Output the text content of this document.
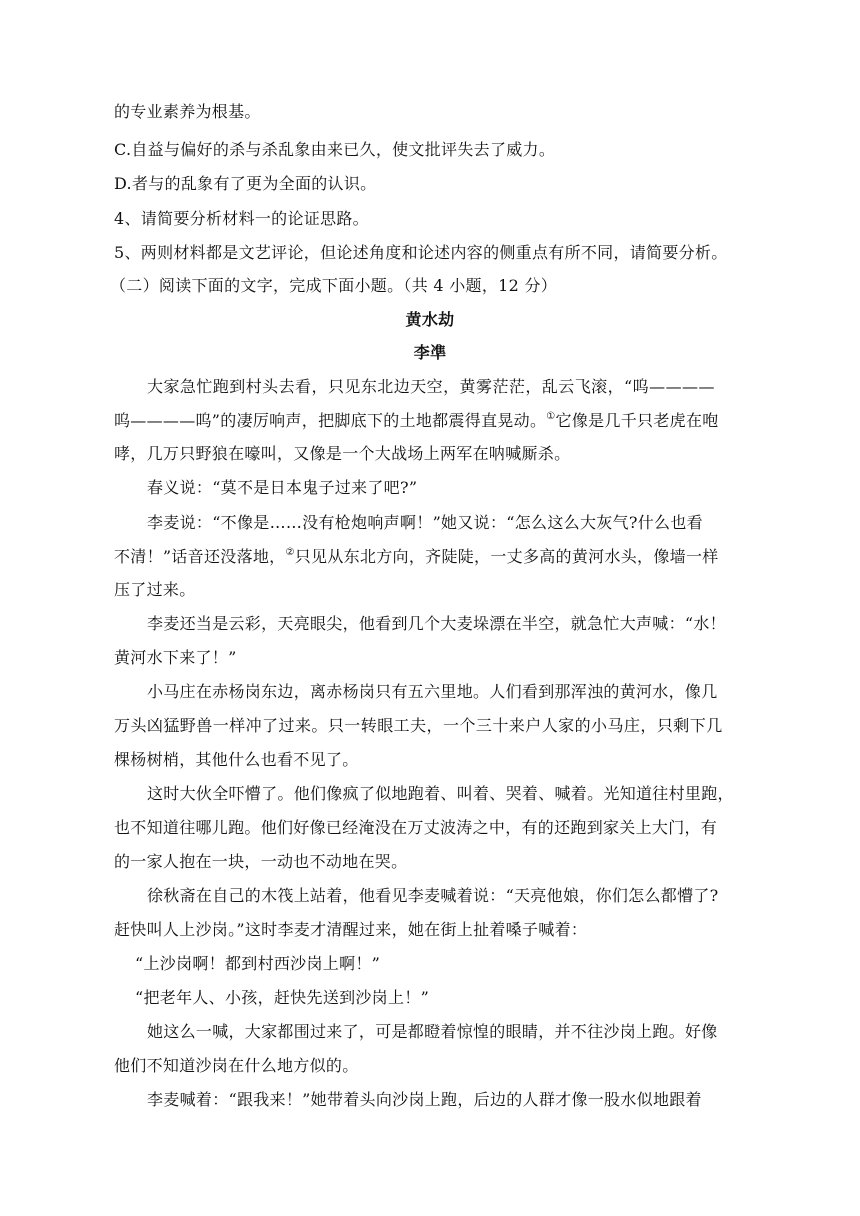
的专业素养为根基。
C.自益与偏好的杀与杀乱象由来已久，使文批评失去了威力。
D.者与的乱象有了更为全面的认识。
4、请简要分析材料一的论证思路。
5、两则材料都是文艺评论，但论述角度和论述内容的侧重点有所不同，请简要分析。
（二）阅读下面的文字，完成下面小题。（共 4 小题，12 分）
黄水劫
李凖
大家急忙跑到村头去看，只见东北边天空，黄雾茫茫，乱云飞滚，“呜————
呜————呜”的凄厉响声，把脚底下的土地都震得直晃动。①它像是几千只老虎在咆
哮，几万只野狼在嚎叫，又像是一个大战场上两军在呐喊厮杀。
春义说：“莫不是日本鬼子过来了吧?”
李麦说：“不像是……没有枪炮响声啊！”她又说：“怎么这么大灰气?什么也看
不清！”话音还没落地，②只见从东北方向，齐陡陡，一丈多高的黄河水头，像墙一样
压了过来。
李麦还当是云彩，天亮眼尖，他看到几个大麦垛漂在半空，就急忙大声喊：“水！
黄河水下来了！”
小马庄在赤杨岗东边，离赤杨岗只有五六里地。人们看到那浑浊的黄河水，像几
万头凶猛野兽一样冲了过来。只一转眼工夫，一个三十来户人家的小马庄，只剩下几
棵杨树梢，其他什么也看不见了。
这时大伙全吓懵了。他们像疯了似地跑着、叫着、哭着、喊着。光知道往村里跑，
也不知道往哪儿跑。他们好像已经淹没在万丈波涛之中，有的还跑到家关上大门，有
的一家人抱在一块，一动也不动地在哭。
徐秋斋在自己的木筏上站着，他看见李麦喊着说：“天亮他娘，你们怎么都懵了?
赶快叫人上沙岗。”这时李麦才清醒过来，她在街上扯着嗓子喊着：
“上沙岗啊！都到村西沙岗上啊！”
“把老年人、小孩，赶快先送到沙岗上！”
她这么一喊，大家都围过来了，可是都瞪着惊惶的眼睛，并不往沙岗上跑。好像
他们不知道沙岗在什么地方似的。
李麦喊着：“跟我来！”她带着头向沙岗上跑，后边的人群才像一股水似地跟着
